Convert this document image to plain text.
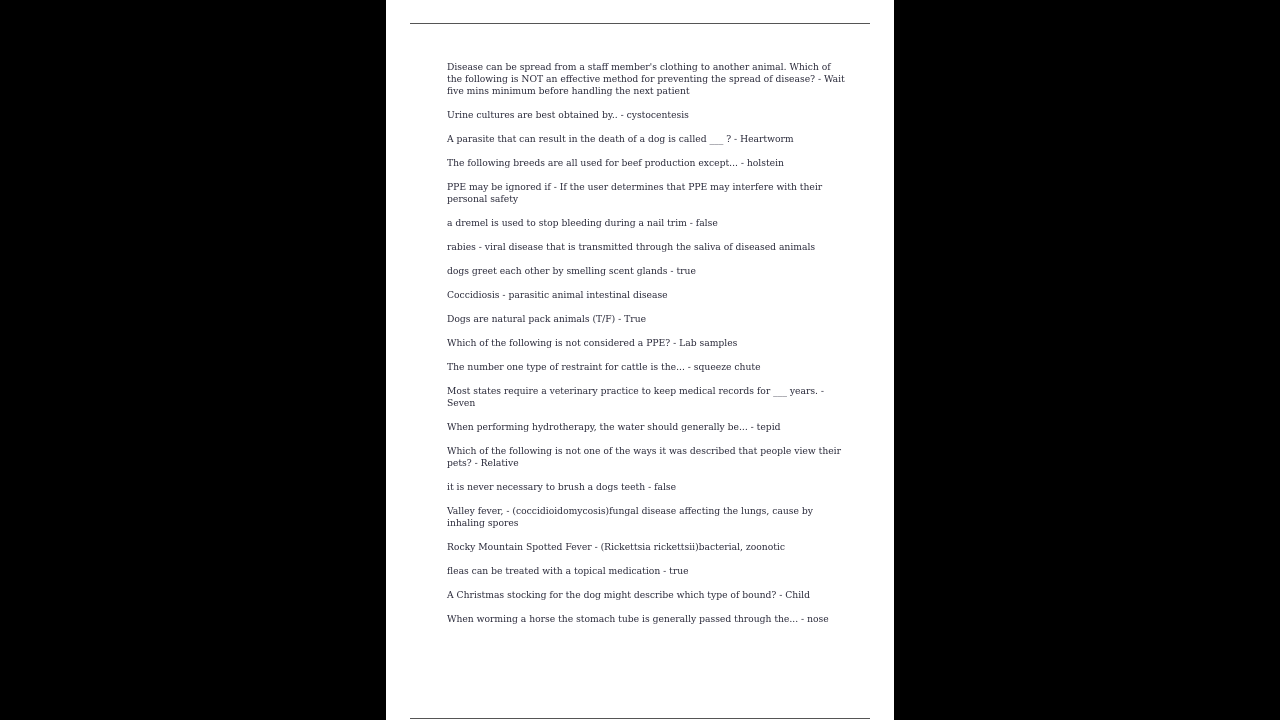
Disease can be spread from a staff member's clothing to another animal. Which of the following is NOT an effective method for preventing the spread of disease? - Wait five mins minimum before handling the next patient
Urine cultures are best obtained by.. - cystocentesis
A parasite that can result in the death of a dog is called ___ ? - Heartworm
The following breeds are all used for beef production except... - holstein
PPE may be ignored if - If the user determines that PPE may interfere with their personal safety
a dremel is used to stop bleeding during a nail trim - false
rabies - viral disease that is transmitted through the saliva of diseased animals
dogs greet each other by smelling scent glands - true
Coccidiosis - parasitic animal intestinal disease
Dogs are natural pack animals (T/F) - True
Which of the following is not considered a PPE? - Lab samples
The number one type of restraint for cattle is the... - squeeze chute
Most states require a veterinary practice to keep medical records for ___ years. - Seven
When performing hydrotherapy, the water should generally be... - tepid
Which of the following is not one of the ways it was described that people view their pets? - Relative
it is never necessary to brush a dogs teeth - false
Valley fever, - (coccidioidomycosis)fungal disease affecting the lungs, cause by inhaling spores
Rocky Mountain Spotted Fever - (Rickettsia rickettsii)bacterial, zoonotic
fleas can be treated with a topical medication - true
A Christmas stocking for the dog might describe which type of bound? - Child
When worming a horse the stomach tube is generally passed through the... - nose
